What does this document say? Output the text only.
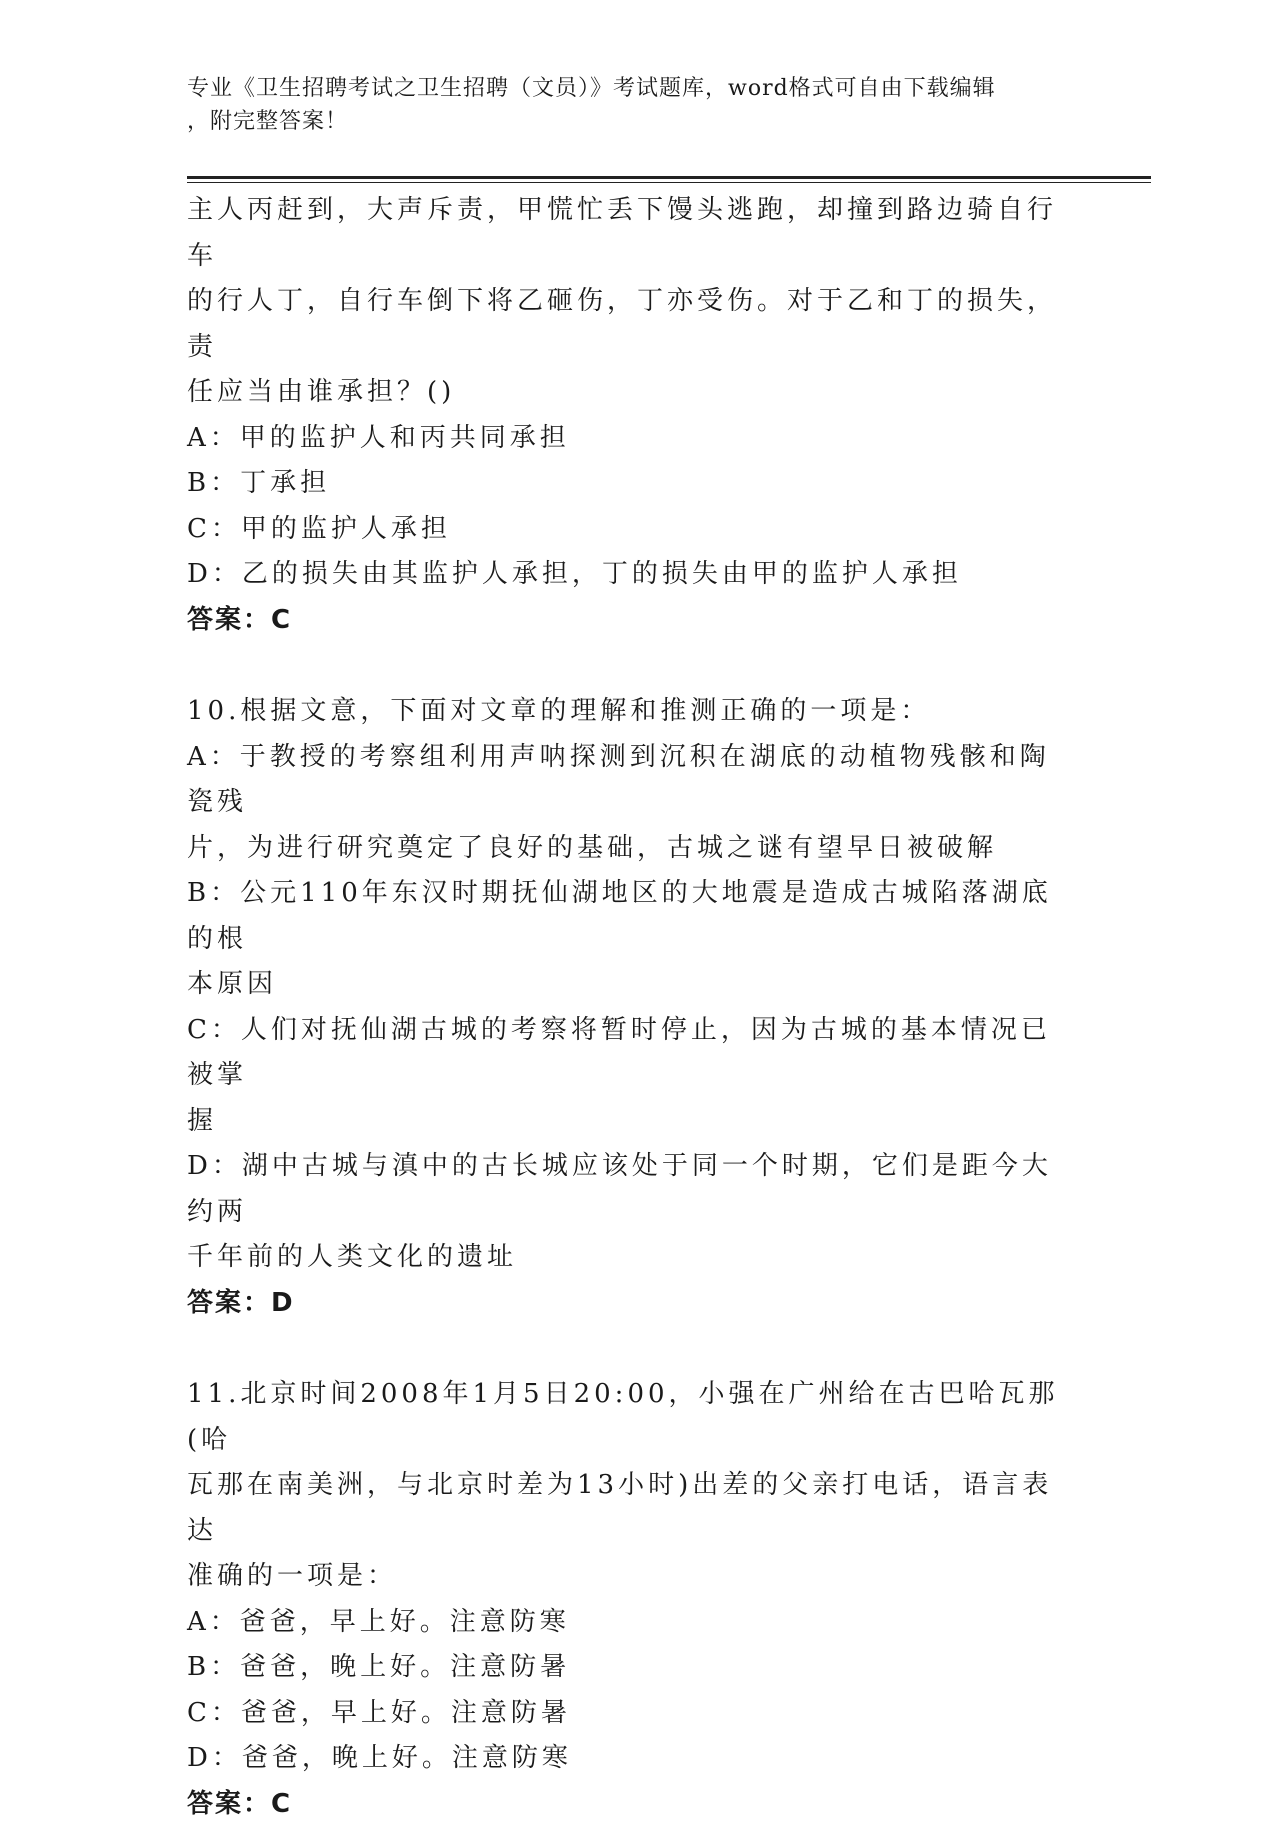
专业《卫生招聘考试之卫生招聘（文员）》考试题库，word格式可自由下载编辑
，附完整答案！
主人丙赶到，大声斥责，甲慌忙丢下馒头逃跑，却撞到路边骑自行车
的行人丁，自行车倒下将乙砸伤，丁亦受伤。对于乙和丁的损失，责
任应当由谁承担？()
A：甲的监护人和丙共同承担
B：丁承担
C：甲的监护人承担
D：乙的损失由其监护人承担，丁的损失由甲的监护人承担
答案：C
10.根据文意，下面对文章的理解和推测正确的一项是：
A：于教授的考察组利用声呐探测到沉积在湖底的动植物残骸和陶瓷残
片，为进行研究奠定了良好的基础，古城之谜有望早日被破解
B：公元110年东汉时期抚仙湖地区的大地震是造成古城陷落湖底的根
本原因
C：人们对抚仙湖古城的考察将暂时停止，因为古城的基本情况已被掌
握
D：湖中古城与滇中的古长城应该处于同一个时期，它们是距今大约两
千年前的人类文化的遗址
答案：D
11.北京时间2008年1月5日20:00，小强在广州给在古巴哈瓦那(哈
瓦那在南美洲，与北京时差为13小时)出差的父亲打电话，语言表达
准确的一项是：
A：爸爸，早上好。注意防寒
B：爸爸，晚上好。注意防暑
C：爸爸，早上好。注意防暑
D：爸爸，晚上好。注意防寒
答案：C
